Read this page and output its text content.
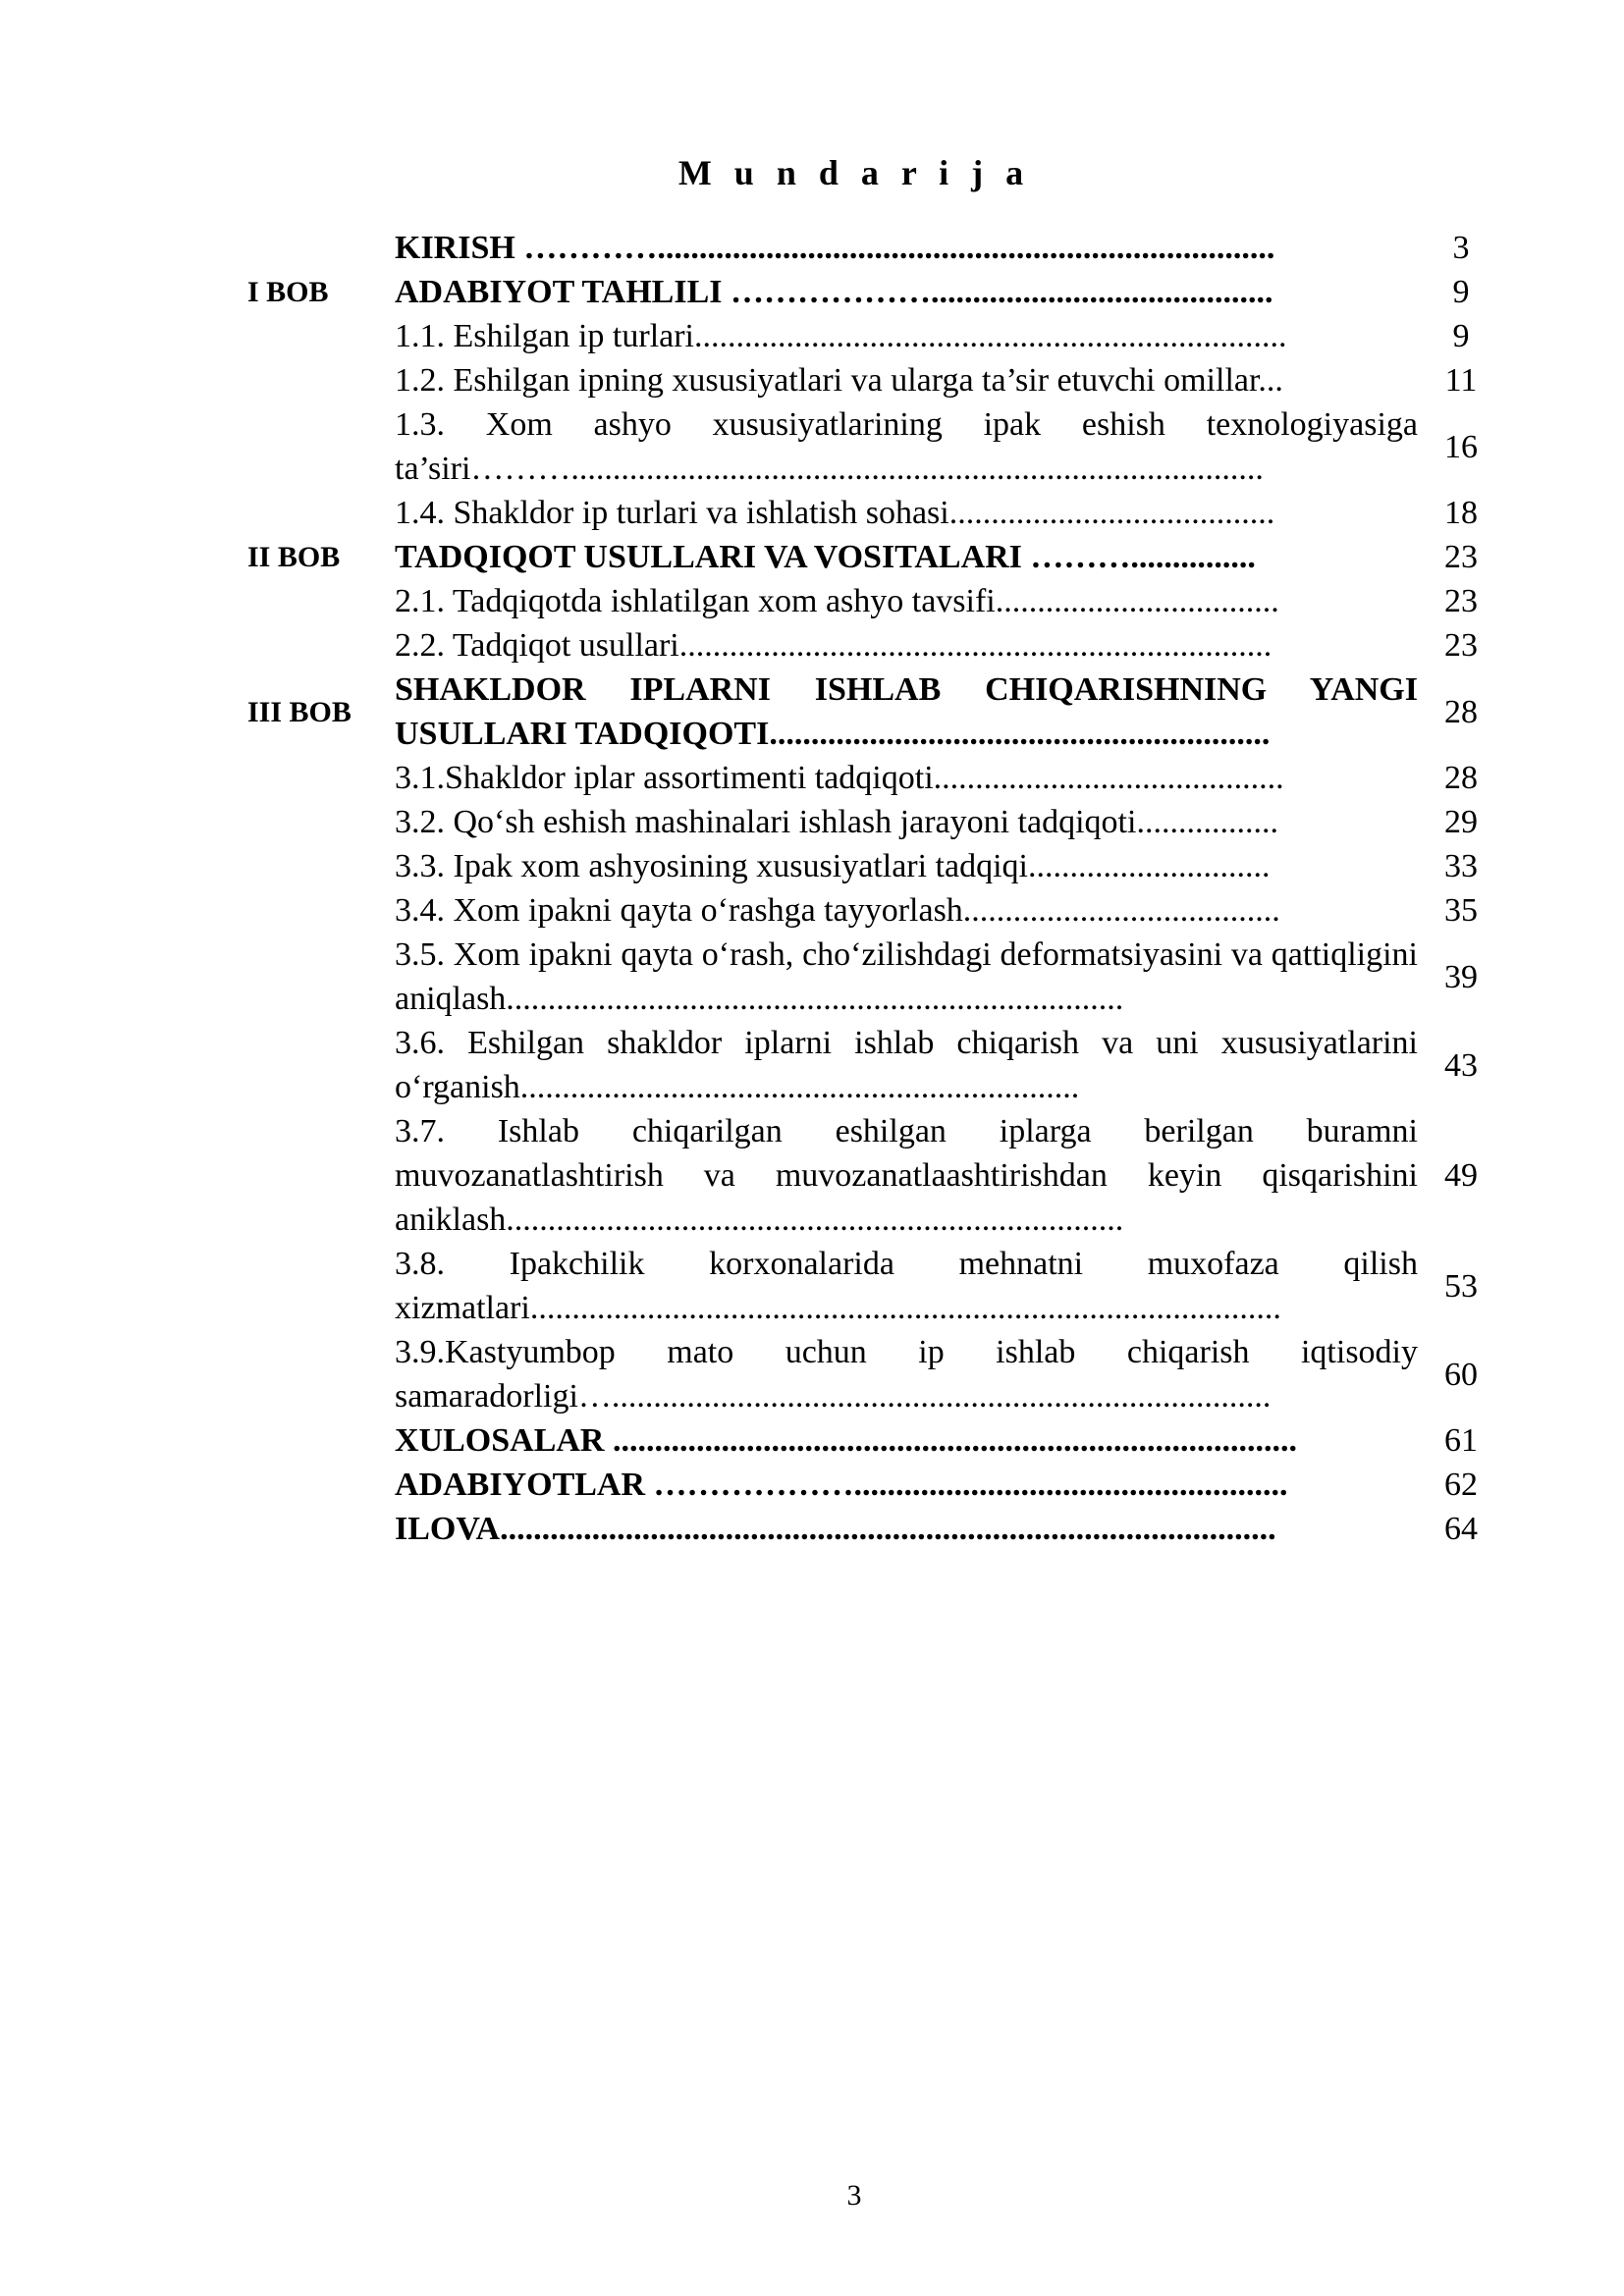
M u n d a r i j a
	KIRISH …………..........................................................................	3
I BOB	ADABIYOT TAHLILI ……………….........................................	9
	1.1. Eshilgan ip turlari.......................................................................	9
	1.2. Eshilgan ipning xususiyatlari va ularga ta’sir etuvchi omillar...	11
	1.3. Xom ashyo xususiyatlarining ipak eshish texnologiyasiga ta’siri………...................................................................................	16
	1.4. Shakldor ip turlari va ishlatish sohasi.......................................	18
II BOB	TADQIQOT USULLARI VA VOSITALARI ………...............	23
	2.1. Tadqiqotda ishlatilgan xom ashyo tavsifi..................................	23
	2.2. Tadqiqot usullari.......................................................................	23
III BOB	SHAKLDOR IPLARNI ISHLAB CHIQARISHNING YANGI USULLARI TADQIQOTI............................................................	28
	3.1.Shakldor iplar assortimenti tadqiqoti..........................................	28
	3.2. Qo‘sh eshish mashinalari ishlash jarayoni tadqiqoti.................	29
	3.3. Ipak xom ashyosining xususiyatlari tadqiqi.............................	33
	3.4. Xom ipakni qayta o‘rashga tayyorlash......................................	35
	3.5. Xom ipakni qayta o‘rash, cho‘zilishdagi deformatsiyasini va qattiqligini aniqlash..........................................................................	39
	3.6. Eshilgan shakldor iplarni ishlab chiqarish va uni xususiyatlarini o‘rganish...................................................................	43
	3.7. Ishlab chiqarilgan eshilgan iplarga berilgan buramni muvozanatlashtirish va muvozanatlaashtirishdan keyin qisqarishini aniklash..........................................................................	49
	3.8. Ipakchilik korxonalarida mehnatni muxofaza qilish xizmatlari..........................................................................................	53
	3.9.Kastyumbop mato uchun ip ishlab chiqarish iqtisodiy samaradorligi…...............................................................................	60
	XULOSALAR ..................................................................................	61
	ADABIYOTLAR ………………....................................................	62
	ILOVA.............................................................................................	64
3
